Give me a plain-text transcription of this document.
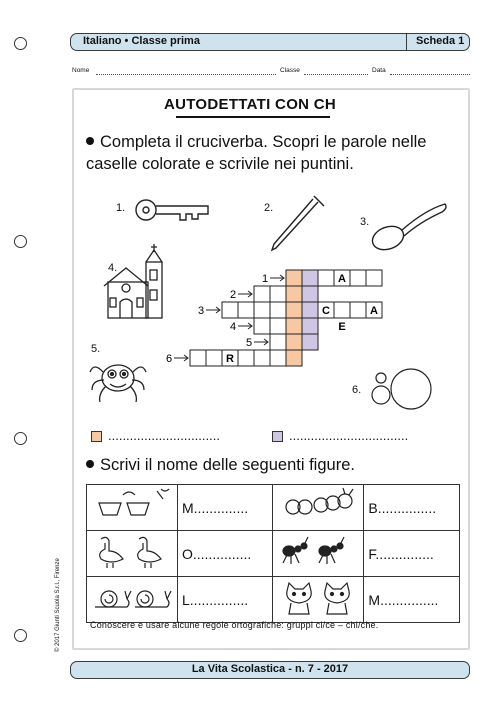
Italiano • Classe prima	Scheda 1
Nome	Classe	Data
AUTODETTATI CON CH
Completa il cruciverba. Scopri le parole nelle caselle colorate e scrivile nei puntini.
1.	2.
3.
4.
5.
6.
A
C	A
E
R
1
2
3
4
5
6
...............................	.................................
Scrivi il nome delle seguenti figure.
	M..............		B...............
	O...............		F...............
	L...............		M...............
Conoscere e usare alcune regole ortografiche: gruppi ci/ce – chi/che.
© 2017 Giunti Scuola S.r.l., Firenze
La Vita Scolastica - n. 7 - 2017
